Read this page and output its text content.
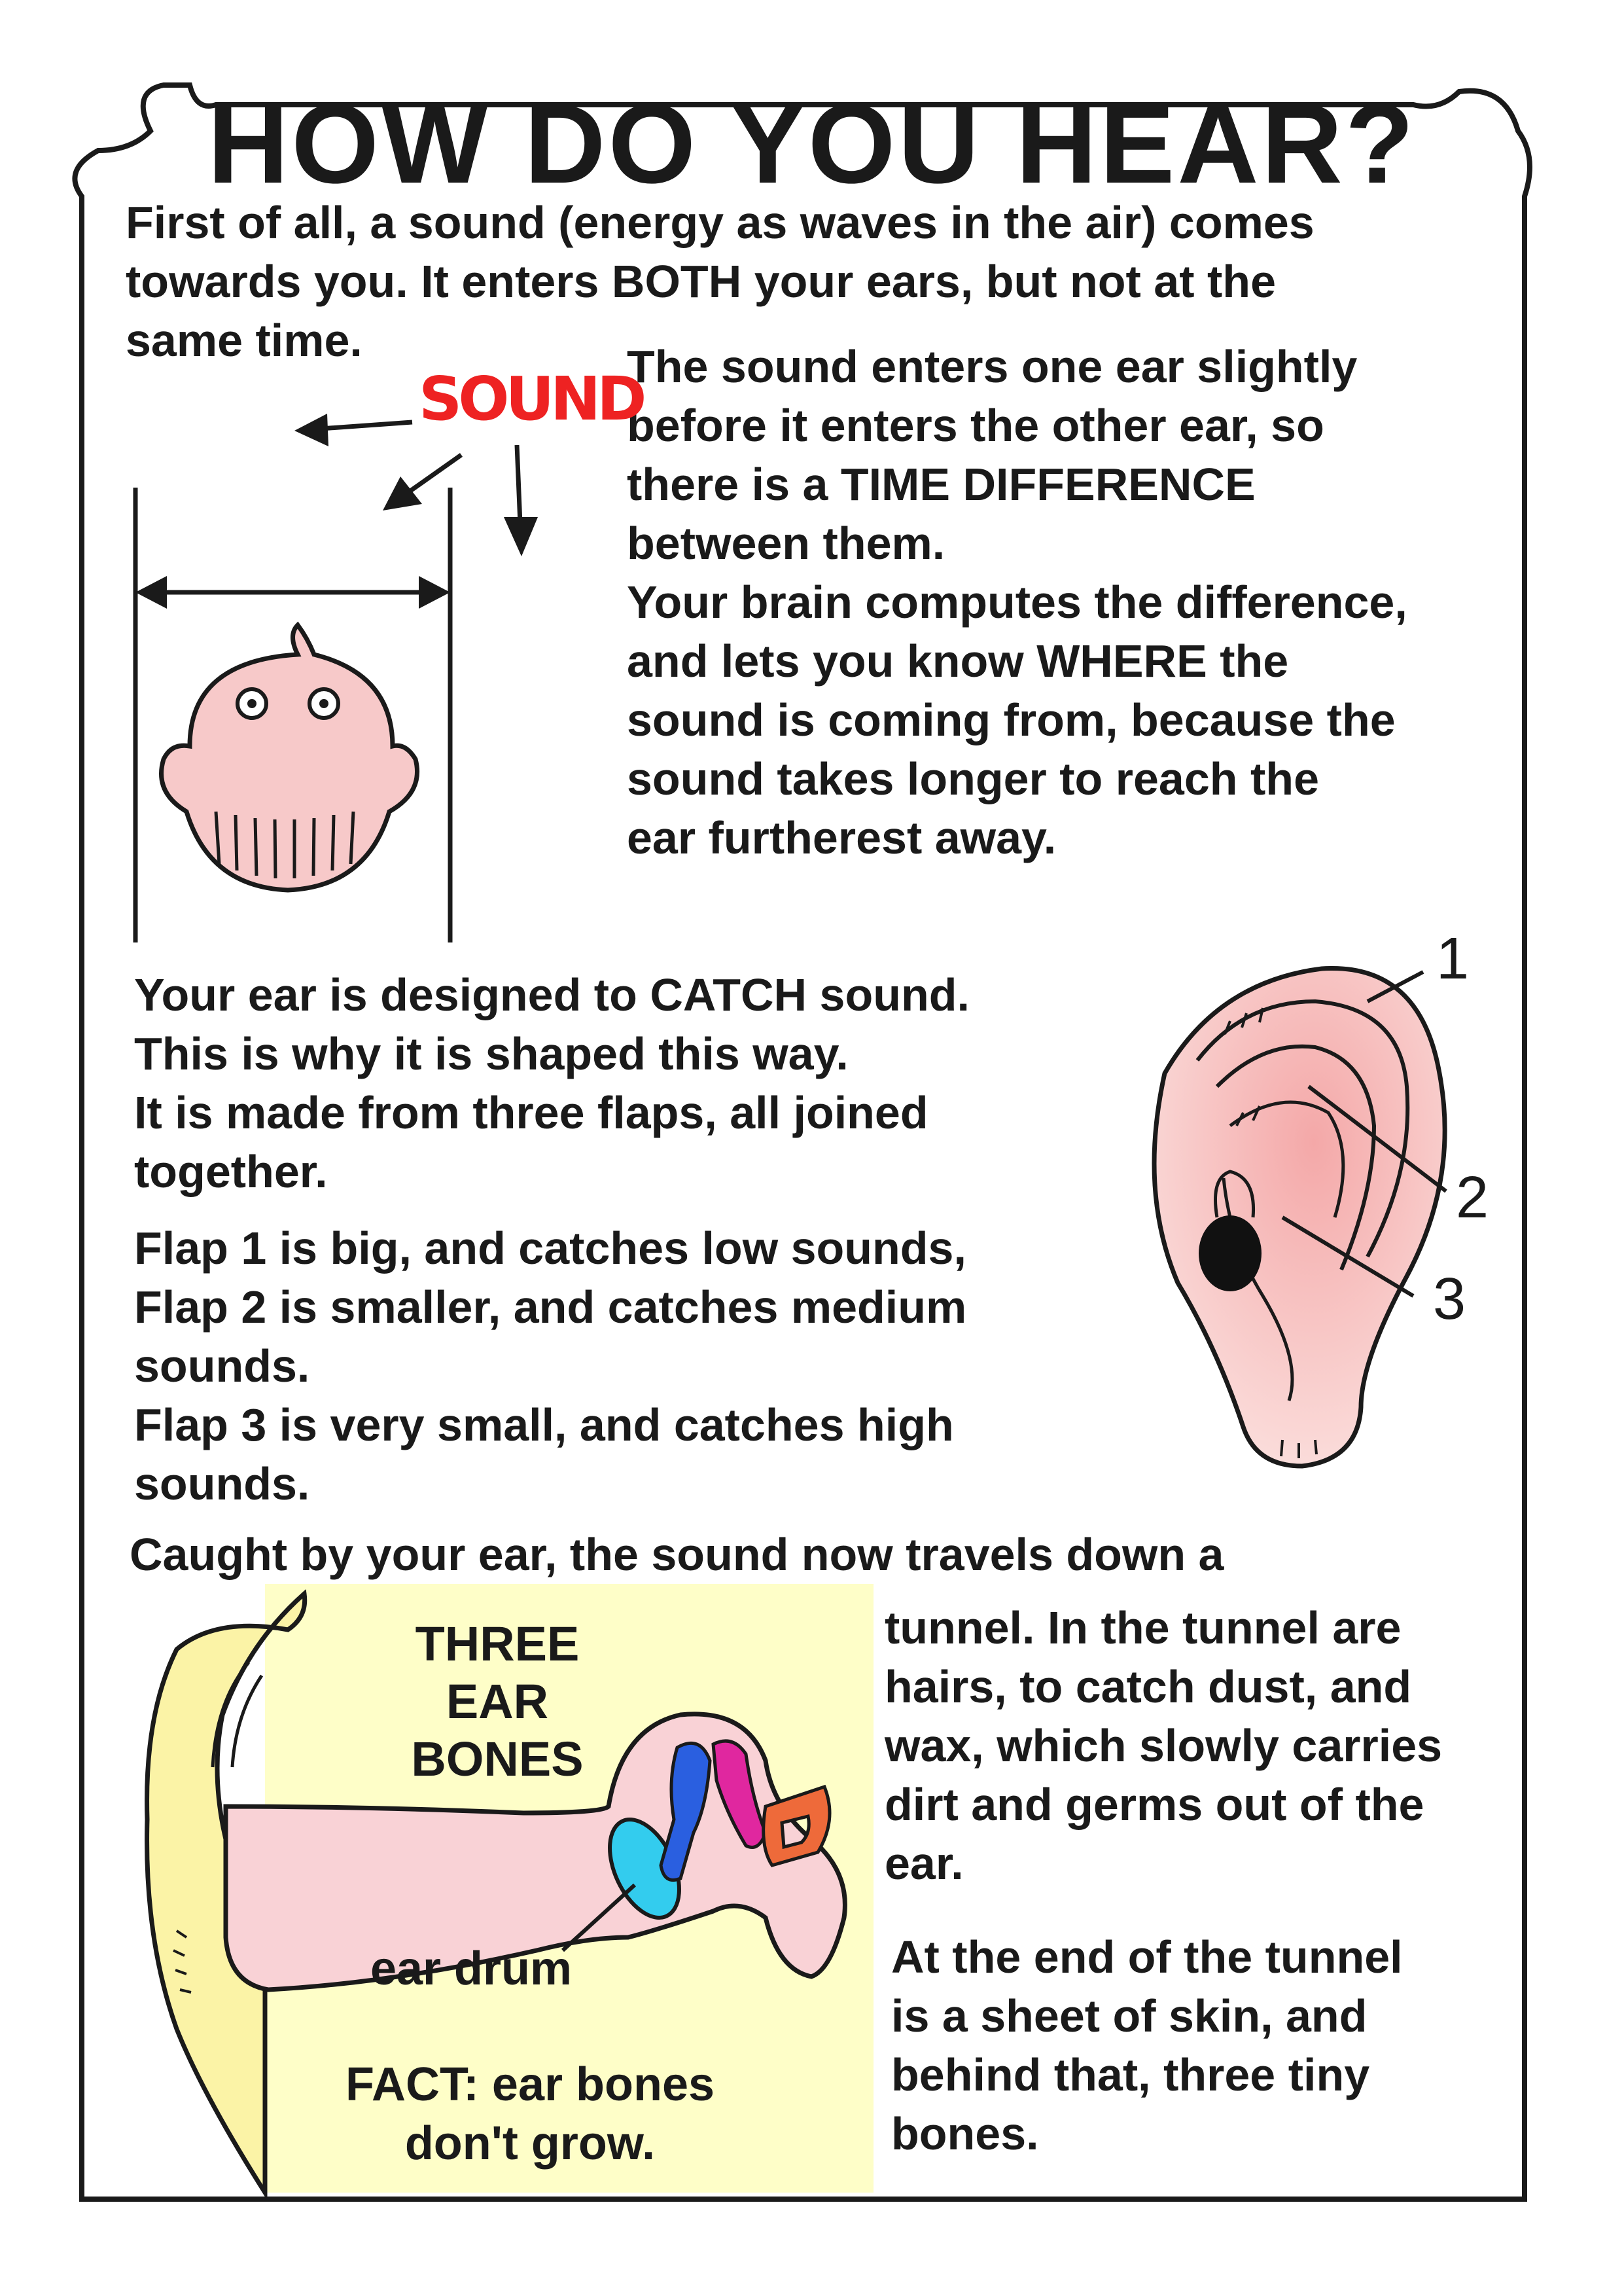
HOW DO YOU HEAR?

First of all, a sound (energy as waves in the air) comes
towards you. It enters BOTH your ears, but not at the
same time.

The sound enters one ear slightly
before it enters the other ear, so
there is a TIME DIFFERENCE
between them.
Your brain computes the difference,
and lets you know WHERE the
sound is coming from, because the
sound takes longer to reach the
ear furtherest away.

SOUND

Your ear is designed to CATCH sound.
This is why it is shaped this way.
It is made from three flaps, all joined
together.

Flap 1 is big, and catches low sounds,
Flap 2 is smaller, and catches medium
sounds.
Flap 3 is very small, and catches high
sounds.

1
2
3

Caught by your ear, the sound now travels down a

tunnel. In the tunnel are
hairs, to catch dust, and
wax, which slowly carries
dirt and germs out of the
ear.

At the end of the tunnel
is a sheet of skin, and
behind that, three tiny
bones.

THREE
EAR
BONES
ear drum
FACT: ear bones
don't grow.
